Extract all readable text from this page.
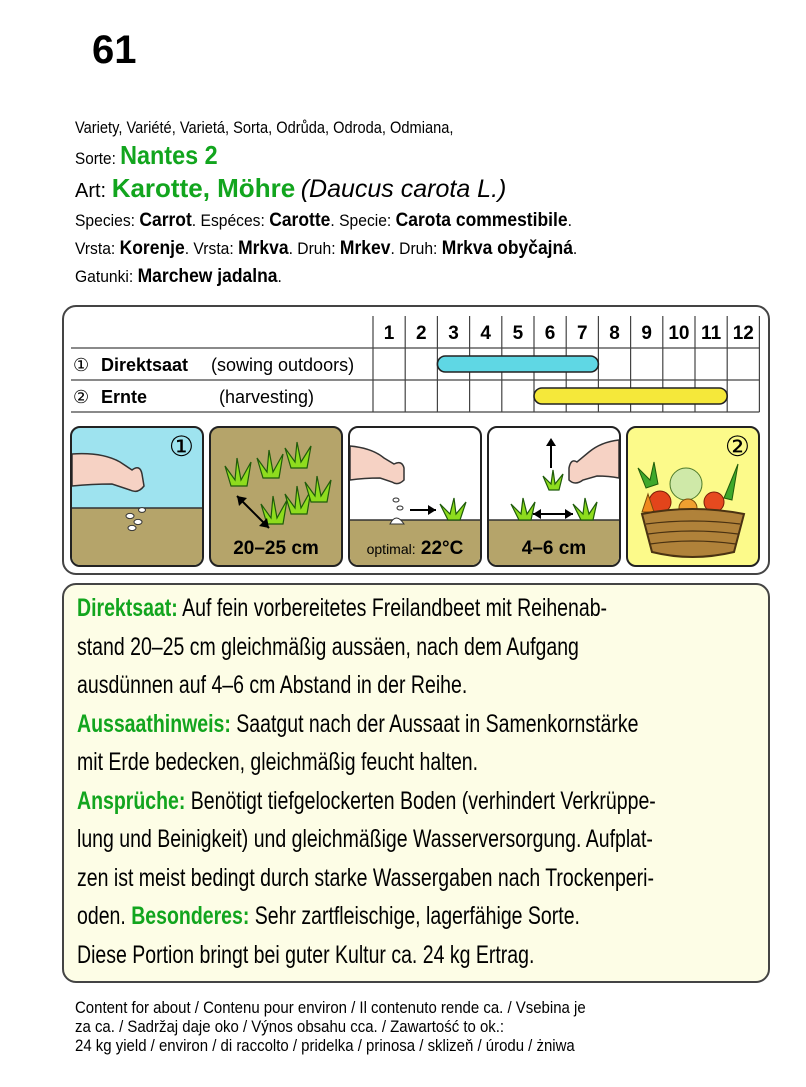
61
Variety, Variété, Varietá, Sorta, Odrůda, Odroda, Odmiana,
Sorte: Nantes 2
Art: Karotte, Möhre (Daucus carota L.)
Species: Carrot. Espéces: Carotte. Specie: Carota commestibile.
Vrsta: Korenje. Vrsta: Mrkva. Druh: Mrkev. Druh: Mrkva obyčajná.
Gatunki: Marchew jadalna.
1 2 3 4 5 6 7 8 9 10 11 12
① Direktsaat (sowing outdoors)
② Ernte	(harvesting)
①
20–25 cm	optimal: 22°C	4–6 cm
②
Direktsaat: Auf fein vorbereitetes Freilandbeet mit Reihenab-
stand 20–25 cm gleichmäßig aussäen, nach dem Aufgang
ausdünnen auf 4–6 cm Abstand in der Reihe.
Aussaathinweis: Saatgut nach der Aussaat in Samenkornstärke
mit Erde bedecken, gleichmäßig feucht halten.
Ansprüche: Benötigt tiefgelockerten Boden (verhindert Verkrüppe-
lung und Beinigkeit) und gleichmäßige Wasserversorgung. Aufplat-
zen ist meist bedingt durch starke Wassergaben nach Trockenperi-
oden. Besonderes: Sehr zartfleischige, lagerfähige Sorte.
Diese Portion bringt bei guter Kultur ca. 24 kg Ertrag.
Content for about / Contenu pour environ / Il contenuto rende ca. / Vsebina je
za ca. / Sadržaj daje oko / Výnos obsahu cca. / Zawartość to ok.:
24 kg yield / environ / di raccolto / pridelka / prinosa / sklizeň / úrodu / żniwa
